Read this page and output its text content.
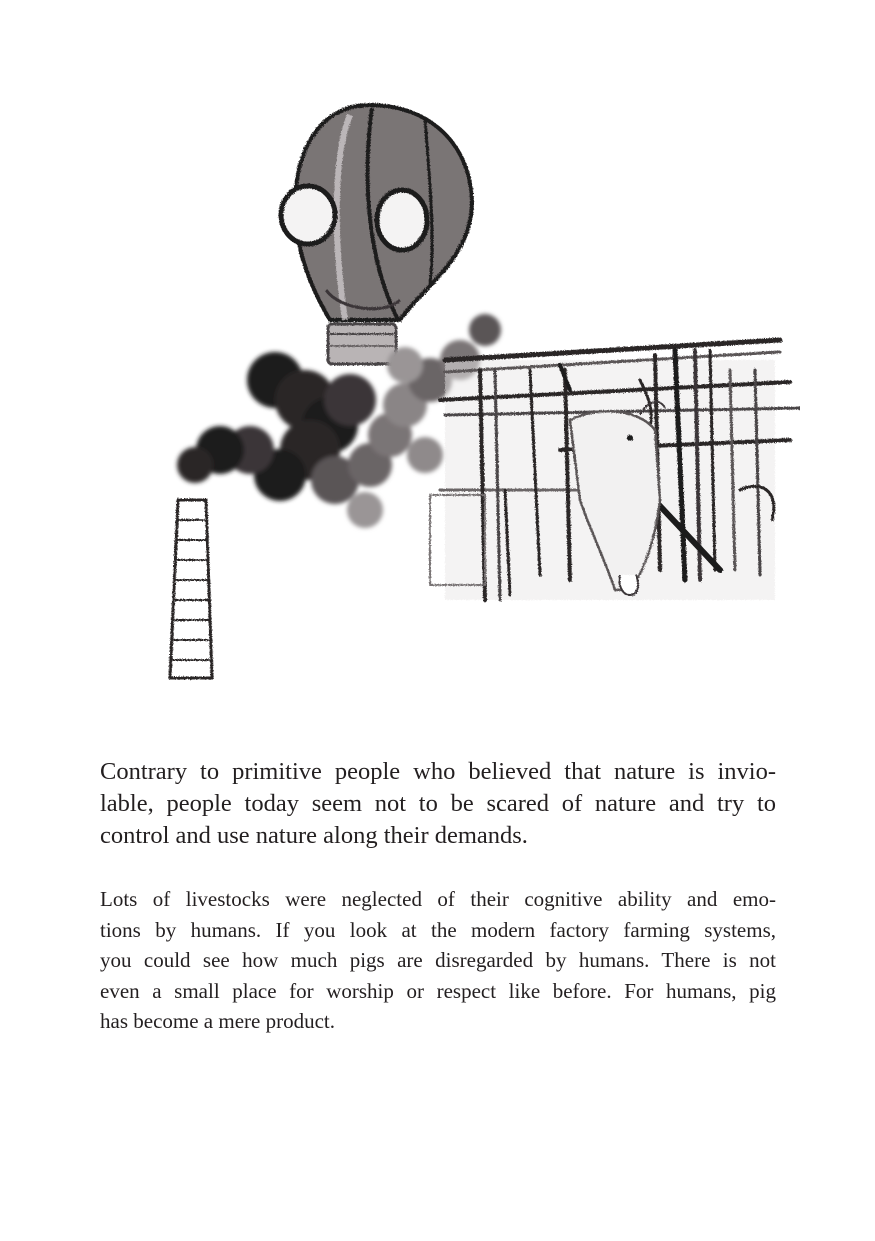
Contrary to primitive people who believed that nature is invio-
lable, people today seem not to be scared of nature and try to
control and use nature along their demands.
Lots of livestocks were neglected of their cognitive ability and emo-
tions by humans. If you look at the modern factory farming systems,
you could see how much pigs are disregarded by humans. There is not
even a small place for worship or respect like before. For humans, pig
has become a mere product.
